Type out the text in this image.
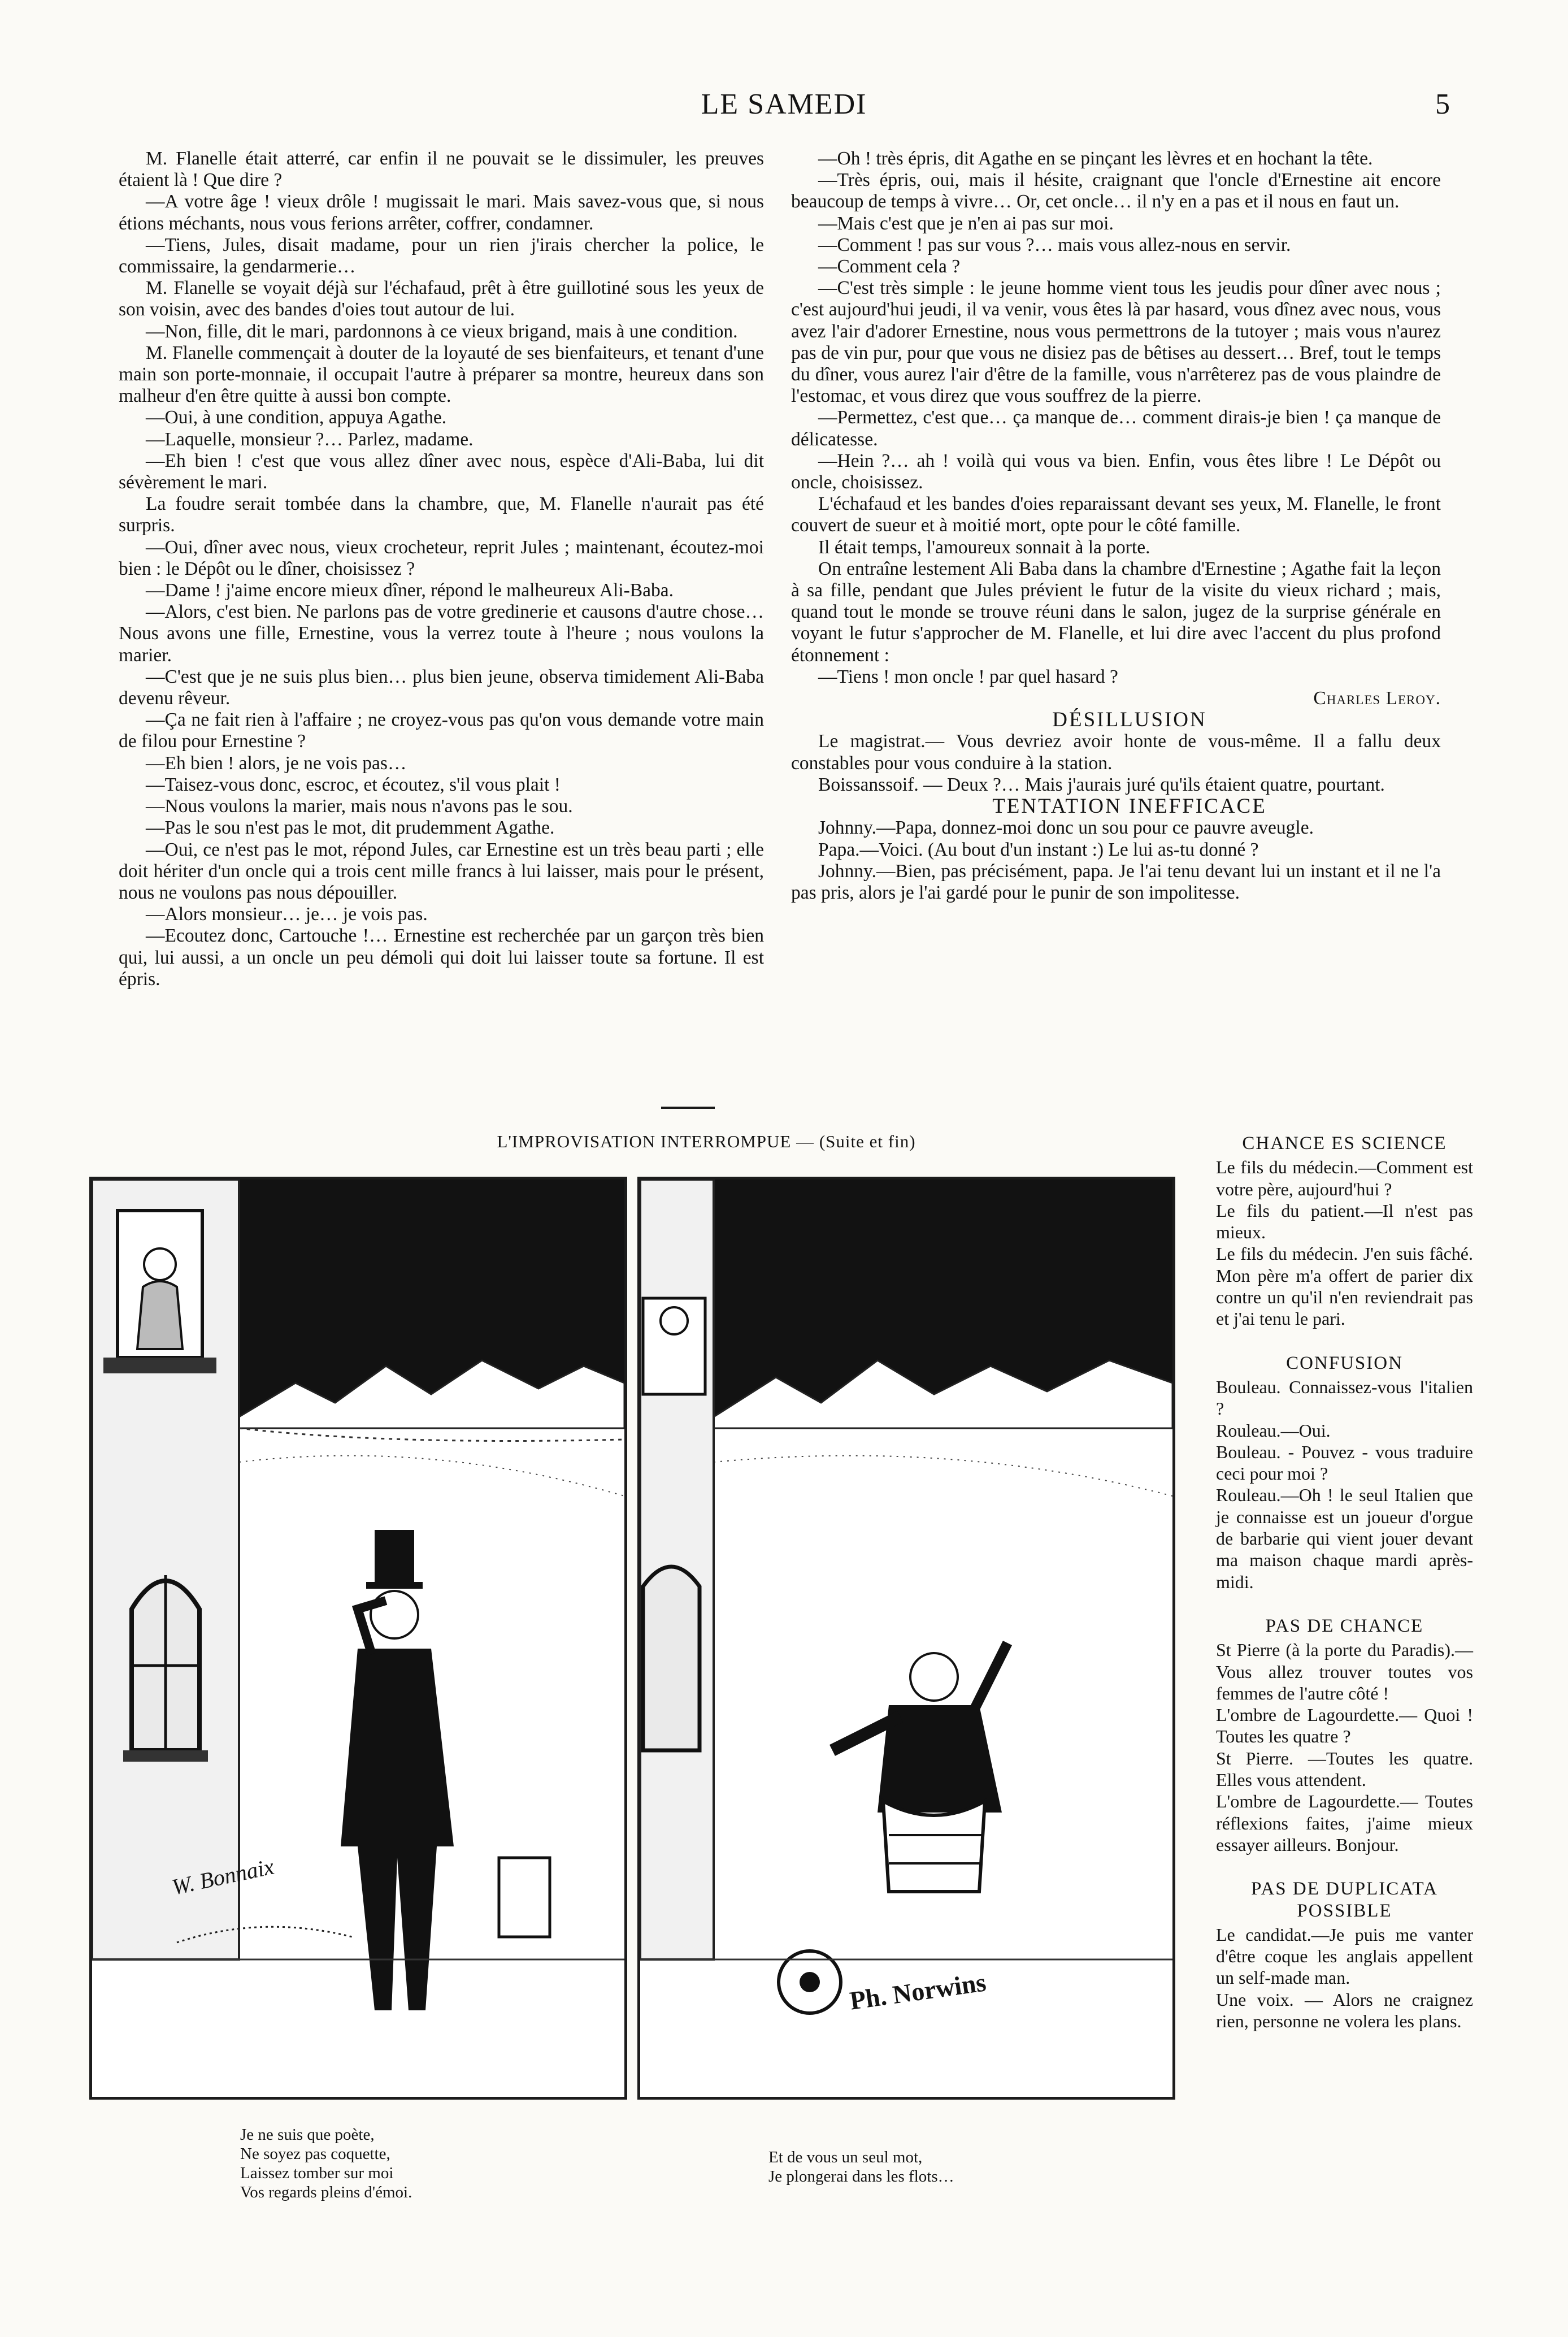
LE SAMEDI	5

M. Flanelle était atterré, car enfin il ne pouvait se le dissimuler, les preuves étaient là ! Que dire ?

—A votre âge ! vieux drôle ! mugissait le mari. Mais savez-vous que, si nous étions méchants, nous vous ferions arrêter, coffrer, condamner.

—Tiens, Jules, disait madame, pour un rien j'irais chercher la police, le commissaire, la gendarmerie…

M. Flanelle se voyait déjà sur l'échafaud, prêt à être guillotiné sous les yeux de son voisin, avec des bandes d'oies tout autour de lui.

—Non, fille, dit le mari, pardonnons à ce vieux brigand, mais à une condition.

M. Flanelle commençait à douter de la loyauté de ses bienfaiteurs, et tenant d'une main son porte-monnaie, il occupait l'autre à préparer sa montre, heureux dans son malheur d'en être quitte à aussi bon compte.

—Oui, à une condition, appuya Agathe.

—Laquelle, monsieur ?… Parlez, madame.

—Eh bien ! c'est que vous allez dîner avec nous, espèce d'Ali-Baba, lui dit sévèrement le mari.

La foudre serait tombée dans la chambre, que, M. Flanelle n'aurait pas été surpris.

—Oui, dîner avec nous, vieux crocheteur, reprit Jules ; maintenant, écoutez-moi bien : le Dépôt ou le dîner, choisissez ?

—Dame ! j'aime encore mieux dîner, répond le malheureux Ali-Baba.

—Alors, c'est bien. Ne parlons pas de votre gredinerie et causons d'autre chose… Nous avons une fille, Ernestine, vous la verrez toute à l'heure ; nous voulons la marier.

—C'est que je ne suis plus bien… plus bien jeune, observa timidement Ali-Baba devenu rêveur.

—Ça ne fait rien à l'affaire ; ne croyez-vous pas qu'on vous demande votre main de filou pour Ernestine ?

—Eh bien ! alors, je ne vois pas…

—Taisez-vous donc, escroc, et écoutez, s'il vous plait !

—Nous voulons la marier, mais nous n'avons pas le sou.

—Pas le sou n'est pas le mot, dit prudemment Agathe.

—Oui, ce n'est pas le mot, répond Jules, car Ernestine est un très beau parti ; elle doit hériter d'un oncle qui a trois cent mille francs à lui laisser, mais pour le présent, nous ne voulons pas nous dépouiller.

—Alors monsieur… je… je vois pas.

—Ecoutez donc, Cartouche !… Ernestine est recherchée par un garçon très bien qui, lui aussi, a un oncle un peu démoli qui doit lui laisser toute sa fortune. Il est épris.

—Oh ! très épris, dit Agathe en se pinçant les lèvres et en hochant la tête.

—Très épris, oui, mais il hésite, craignant que l'oncle d'Ernestine ait encore beaucoup de temps à vivre… Or, cet oncle… il n'y en a pas et il nous en faut un.

—Mais c'est que je n'en ai pas sur moi.

—Comment ! pas sur vous ?… mais vous allez-nous en servir.

—Comment cela ?

—C'est très simple : le jeune homme vient tous les jeudis pour dîner avec nous ; c'est aujourd'hui jeudi, il va venir, vous êtes là par hasard, vous dînez avec nous, vous avez l'air d'adorer Ernestine, nous vous permettrons de la tutoyer ; mais vous n'aurez pas de vin pur, pour que vous ne disiez pas de bêtises au dessert… Bref, tout le temps du dîner, vous aurez l'air d'être de la famille, vous n'arrêterez pas de vous plaindre de l'estomac, et vous direz que vous souffrez de la pierre.

—Permettez, c'est que… ça manque de… comment dirais-je bien ! ça manque de délicatesse.

—Hein ?… ah ! voilà qui vous va bien. Enfin, vous êtes libre ! Le Dépôt ou oncle, choisissez.

L'échafaud et les bandes d'oies reparaissant devant ses yeux, M. Flanelle, le front couvert de sueur et à moitié mort, opte pour le côté famille.

Il était temps, l'amoureux sonnait à la porte.

On entraîne lestement Ali Baba dans la chambre d'Ernestine ; Agathe fait la leçon à sa fille, pendant que Jules prévient le futur de la visite du vieux richard ; mais, quand tout le monde se trouve réuni dans le salon, jugez de la surprise générale en voyant le futur s'approcher de M. Flanelle, et lui dire avec l'accent du plus profond étonnement :

—Tiens ! mon oncle ! par quel hasard ?

Charles Leroy.

DÉSILLUSION

Le magistrat.— Vous devriez avoir honte de vous-même. Il a fallu deux constables pour vous conduire à la station.

Boissanssoif. — Deux ?… Mais j'aurais juré qu'ils étaient quatre, pourtant.

TENTATION INEFFICACE

Johnny.—Papa, donnez-moi donc un sou pour ce pauvre aveugle.

Papa.—Voici. (Au bout d'un instant :) Le lui as-tu donné ?

Johnny.—Bien, pas précisément, papa. Je l'ai tenu devant lui un instant et il ne l'a pas pris, alors je l'ai gardé pour le punir de son impolitesse.

L'IMPROVISATION INTERROMPUE — (Suite et fin)
W. Bonnaix
Ph. Norwins
Je ne suis que poète,
Ne soyez pas coquette,
Laissez tomber sur moi
Vos regards pleins d'émoi.
Et de vous un seul mot,
Je plongerai dans les flots…
CHANCE ES SCIENCE
Le fils du médecin.—Comment est votre père, aujourd'hui ?
Le fils du patient.—Il n'est pas mieux.
Le fils du médecin. J'en suis fâché. Mon père m'a offert de parier dix contre un qu'il n'en reviendrait pas et j'ai tenu le pari.
CONFUSION
Bouleau. Connaissez-vous l'italien ?
Rouleau.—Oui.
Bouleau. - Pouvez - vous traduire ceci pour moi ?
Rouleau.—Oh ! le seul Italien que je connaisse est un joueur d'orgue de barbarie qui vient jouer devant ma maison chaque mardi après-midi.
PAS DE CHANCE
St Pierre (à la porte du Paradis).—Vous allez trouver toutes vos femmes de l'autre côté !
L'ombre de Lagourdette.— Quoi ! Toutes les quatre ?
St Pierre. —Toutes les quatre. Elles vous attendent.
L'ombre de Lagourdette.— Toutes réflexions faites, j'aime mieux essayer ailleurs. Bonjour.
PAS DE DUPLICATA POSSIBLE
Le candidat.—Je puis me vanter d'être coque les anglais appellent un self-made man.
Une voix. — Alors ne craignez rien, personne ne volera les plans.
